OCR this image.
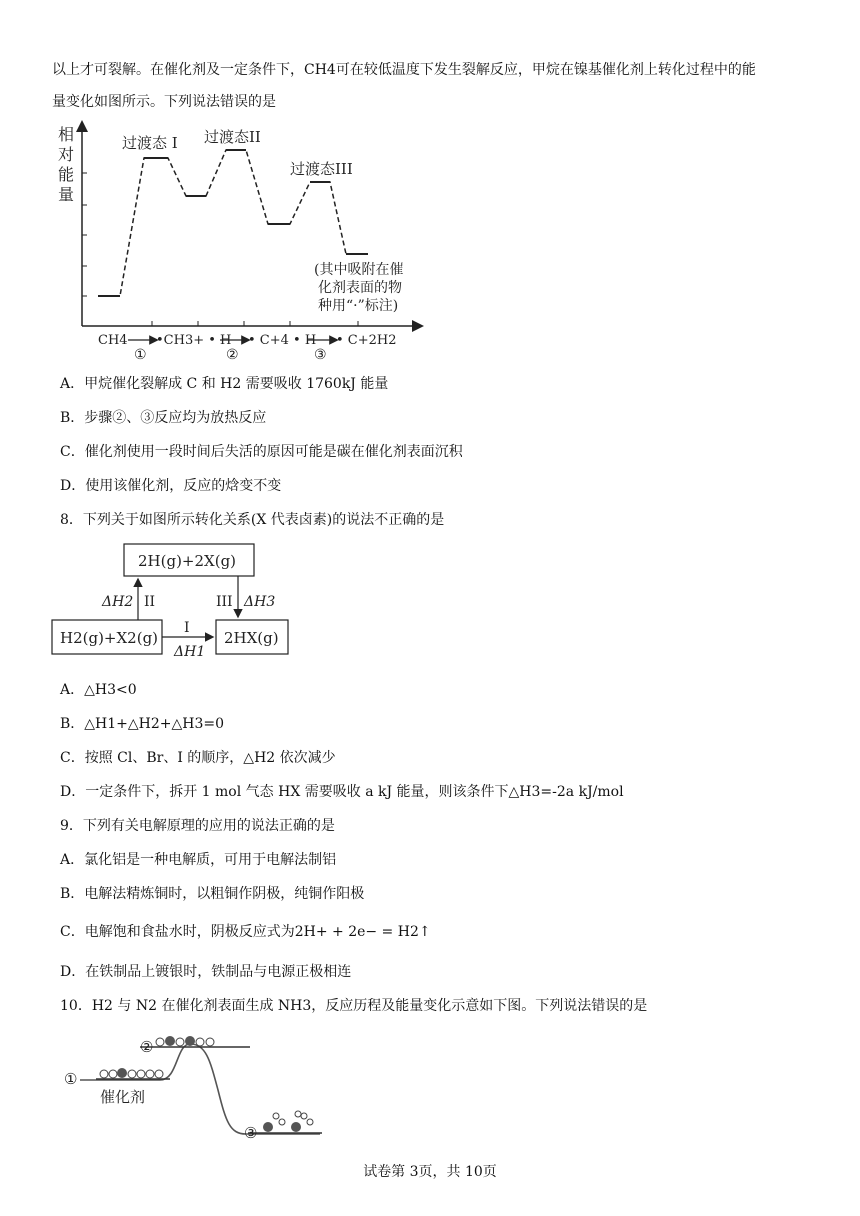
以上才可裂解。在催化剂及一定条件下，CH4可在较低温度下发生裂解反应，甲烷在镍基催化剂上转化过程中的能
量变化如图所示。下列说法错误的是
相
对
能
量
过渡态 I 过渡态II
过渡态III
(其中吸附在催
化剂表面的物
种用“·”标注)
CH4 •CH3+ • H • C+4 • H • C+2H2
①	②	③
A．甲烷催化裂解成 C 和 H2 需要吸收 1760kJ 能量
B．步骤②、③反应均为放热反应
C．催化剂使用一段时间后失活的原因可能是碳在催化剂表面沉积
D．使用该催化剂，反应的焓变不变
8．下列关于如图所示转化关系(X 代表卤素)的说法不正确的是
2H(g)+2X(g)
H2(g)+X2(g)	2HX(g)
ΔH2 II	III ΔH3
I
ΔH1
A．△H3<0
B．△H1+△H2+△H3=0
C．按照 Cl、Br、I 的顺序，△H2 依次减少
D．一定条件下，拆开 1 mol 气态 HX 需要吸收 a kJ 能量，则该条件下△H3=-2a kJ/mol
9．下列有关电解原理的应用的说法正确的是
A．氯化铝是一种电解质，可用于电解法制铝
B．电解法精炼铜时，以粗铜作阴极，纯铜作阳极
C．电解饱和食盐水时，阴极反应式为2H+ + 2e− = H2↑
D．在铁制品上镀银时，铁制品与电源正极相连
10．H2 与 N2 在催化剂表面生成 NH3，反应历程及能量变化示意如下图。下列说法错误的是
①
②
③
催化剂
试卷第 3页，共 10页
